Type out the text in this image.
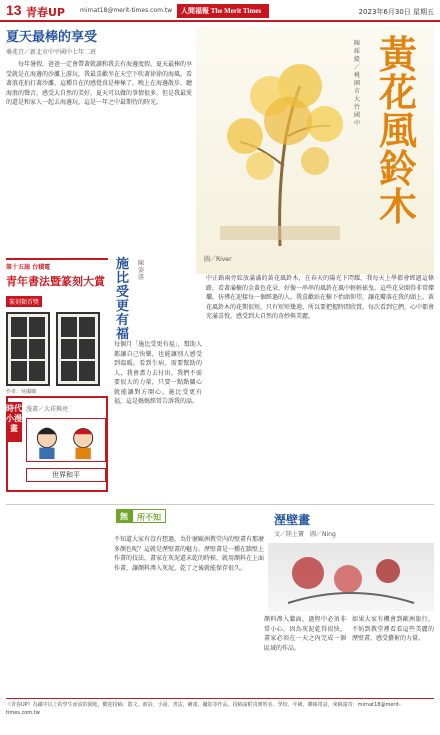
13 青春UP	mirnat18@merit-times.com.tw	人間福報 The Merit Times	2023年6月30日 星期五
夏天最棒的享受
桑兆宜／新北市中平國中七年二班
每年暑假，爸爸一定會帶著就讀和我去有海邊度假。夏天最棒的享受就是在海邊的沙灘上游玩，我最喜歡坐在天空下吹著徐徐的海風，看著浪花拍打著沙灘，這種自在的感覺真是棒極了。晚上在海邊散步，聽海浪的聲音，感受大自然的美好。夏天可以做的事情很多，但是我最愛的還是和家人一起去海邊玩，這是一年之中最期待的時光。
陳綵緹／桃園市大竹國中
黃花風鈴木
圖／River
第十五屆 台積電
青年書法暨篆刻大賞
篆刻類首獎
作者：吳國嫻
時代小漫畫
漫畫／大祥與亮
世界和平
施比受更有福
陳姿澐
每個月「施比受更有福」，幫助人都讓自己快樂，也能讓別人感受到溫暖。看到生病、需要幫助的人，我會盡力去付出。我們不需要很大的力量，只要一點點關心就能讓對方開心。施比受更有福，這是媽媽經常告訴我的話。

中正路兩旁綻放滿滿的黃花風鈴木，在春天的陽光下閃耀，我每天上學都會經過這條路，看著滿樹的金黃色花朵，好像一串串的風鈴在風中輕輕搖曳。這些花朵開得非常燦爛，彷彿在迎接每一個經過的人。我喜歡站在樹下抬頭仰望，讓花瓣落在我的頭上。黃花風鈴木的花期很短，只有短短幾週，所以要把握時間欣賞。每次看到它們，心中都會充滿喜悅，感受到大自然的奇妙與美麗。

無	所不知	溼壁畫
文／陸上寶　圖／Ning
不知道大家有沒有想過，為什麼歐洲教堂內的壁畫有那麼多顏色呢？這就是溼壁畫的魅力。溼壁畫是一種在牆壁上作畫的技法，畫家在灰泥還未乾的時候，就用顏料在上面作畫，讓顏料滲入灰泥，乾了之後就能保存很久。
顏料滲入牆面，過程中必須非常小心，因為灰泥乾得很快，畫家必須在一天之內完成一個區域的作品。
如果大家有機會到歐洲旅行，不妨到教堂裡看看這些美麗的溼壁畫，感受藝術的力量。
《青春UP》為國中以上的學生而設的園地，歡迎投稿：散文、新詩、小說、書法、繪畫、攝影等作品。投稿請附真實姓名、學校、年級、聯絡電話，來稿請寄：mirnat18@merit-times.com.tw
